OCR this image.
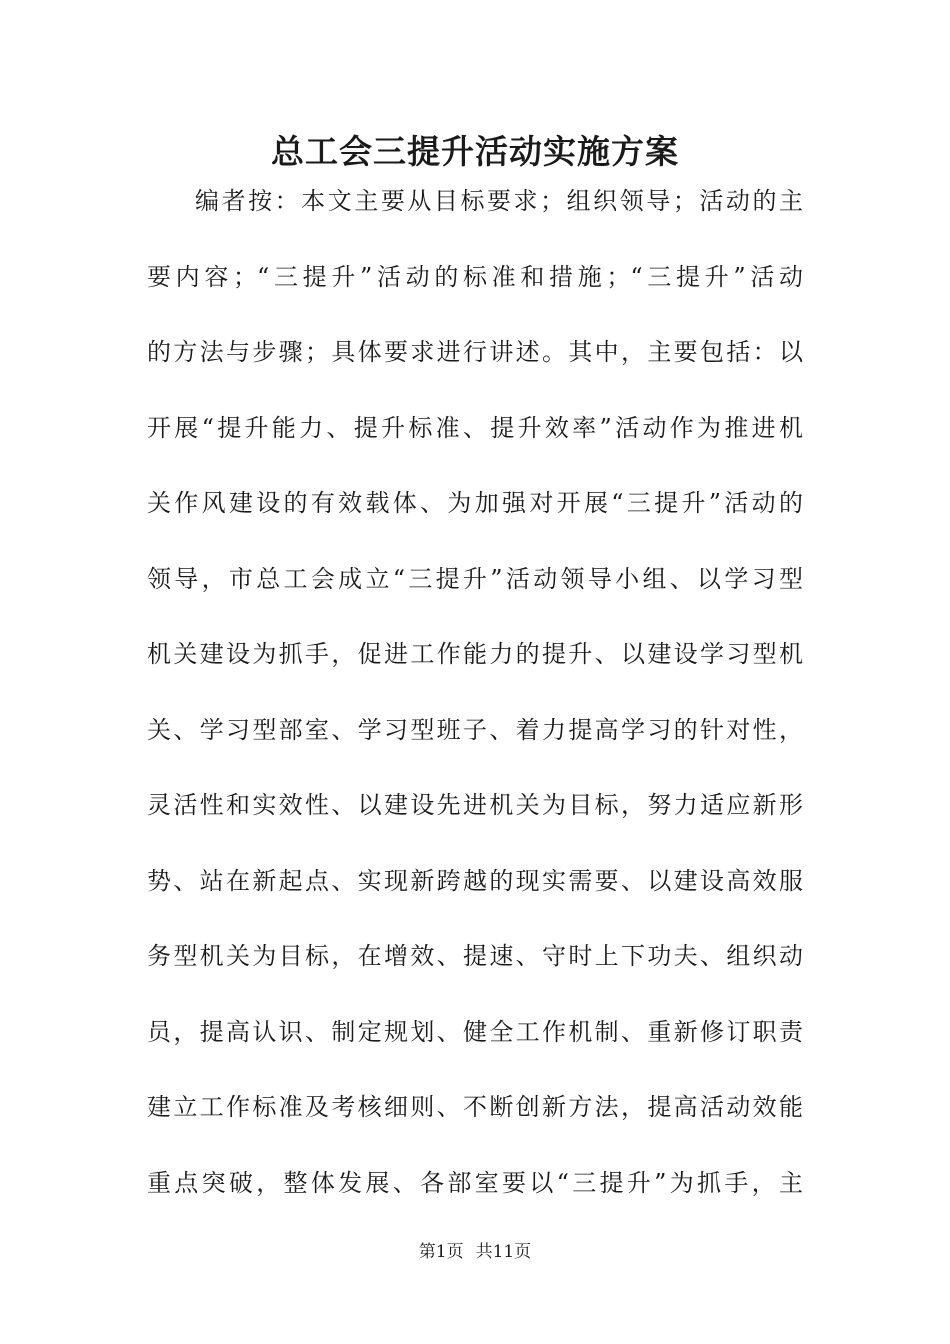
总工会三提升活动实施方案
编者按：本文主要从目标要求；组织领导；活动的主
要内容；“三提升”活动的标准和措施；“三提升”活动
的方法与步骤；具体要求进行讲述。其中，主要包括：以
开展“提升能力、提升标准、提升效率”活动作为推进机
关作风建设的有效载体、为加强对开展“三提升”活动的
领导，市总工会成立“三提升”活动领导小组、以学习型
机关建设为抓手，促进工作能力的提升、以建设学习型机
关、学习型部室、学习型班子、着力提高学习的针对性，
灵活性和实效性、以建设先进机关为目标，努力适应新形
势、站在新起点、实现新跨越的现实需要、以建设高效服
务型机关为目标，在增效、提速、守时上下功夫、组织动
员，提高认识、制定规划、健全工作机制、重新修订职责
建立工作标准及考核细则、不断创新方法，提高活动效能
重点突破，整体发展、各部室要以“三提升”为抓手，主
第1页 共11页
